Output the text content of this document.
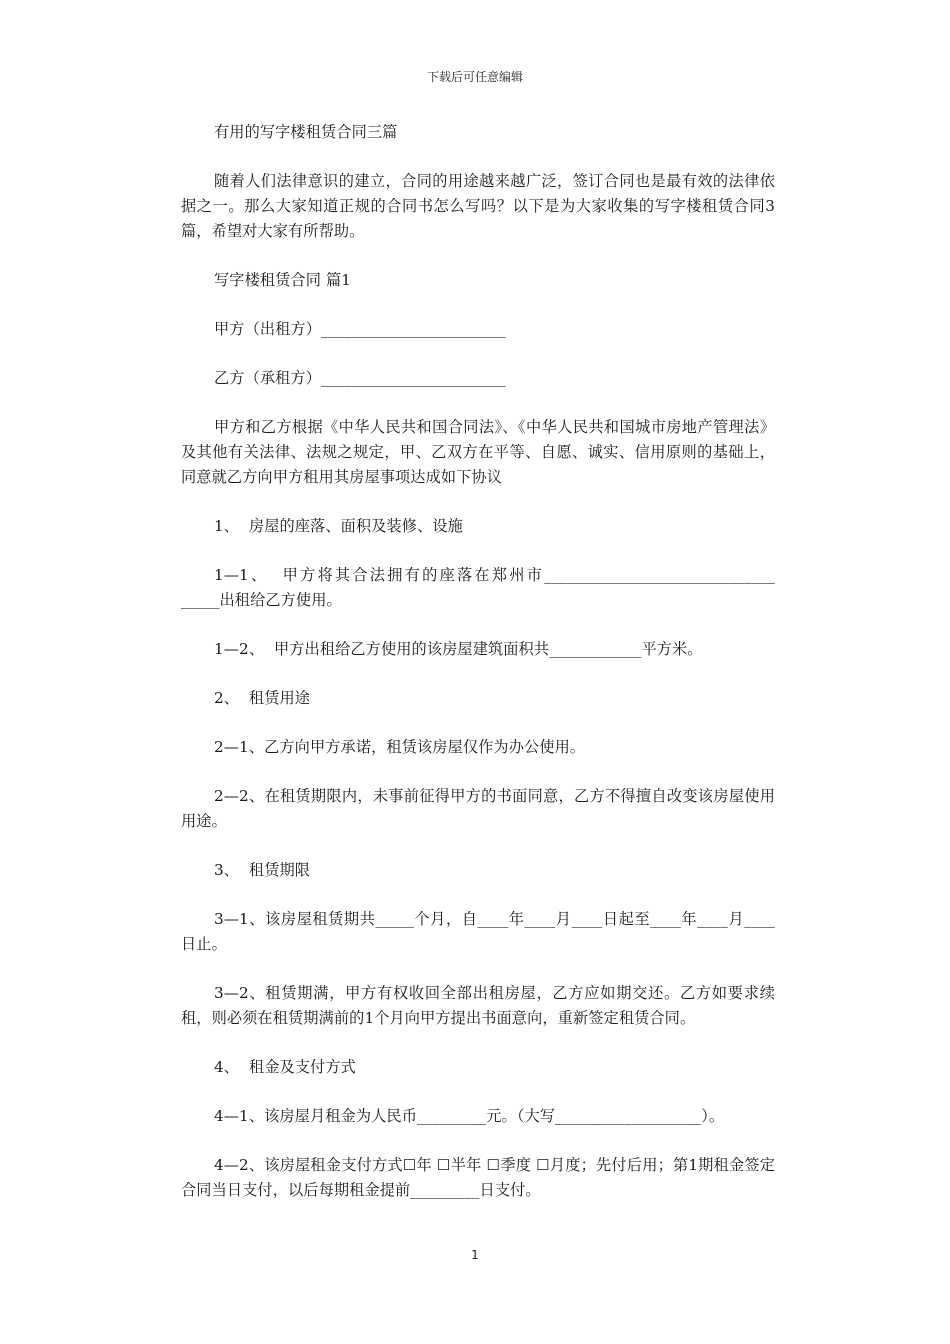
下载后可任意编辑
有用的写字楼租赁合同三篇
随着人们法律意识的建立，合同的用途越来越广泛，签订合同也是最有效的法律依据之一。那么大家知道正规的合同书怎么写吗？以下是为大家收集的写字楼租赁合同3篇，希望对大家有所帮助。
写字楼租赁合同 篇1
甲方（出租方）________________________
乙方（承租方）________________________
甲方和乙方根据《中华人民共和国合同法》、《中华人民共和国城市房地产管理法》及其他有关法律、法规之规定，甲、乙双方在平等、自愿、诚实、信用原则的基础上，同意就乙方向甲方租用其房屋事项达成如下协议
1、  房屋的座落、面积及装修、设施
1—1、  甲方将其合法拥有的座落在郑州市______________________________ _____出租给乙方使用。
1—2、  甲方出租给乙方使用的该房屋建筑面积共____________平方米。
2、  租赁用途
2—1、乙方向甲方承诺，租赁该房屋仅作为办公使用。
2—2、在租赁期限内，未事前征得甲方的书面同意，乙方不得擅自改变该房屋使用用途。
3、  租赁期限
3—1、该房屋租赁期共_____个月，自____年____月____日起至____年____月____日止。
3—2、租赁期满，甲方有权收回全部出租房屋，乙方应如期交还。乙方如要求续租，则必须在租赁期满前的1个月向甲方提出书面意向，重新签定租赁合同。
4、  租金及支付方式
4—1、该房屋月租金为人民币_________元。（大写___________________）。
4—2、该房屋租金支付方式☐年 ☐半年 ☐季度 ☐月度；先付后用；第1期租金签定合同当日支付，以后每期租金提前_________日支付。
1
